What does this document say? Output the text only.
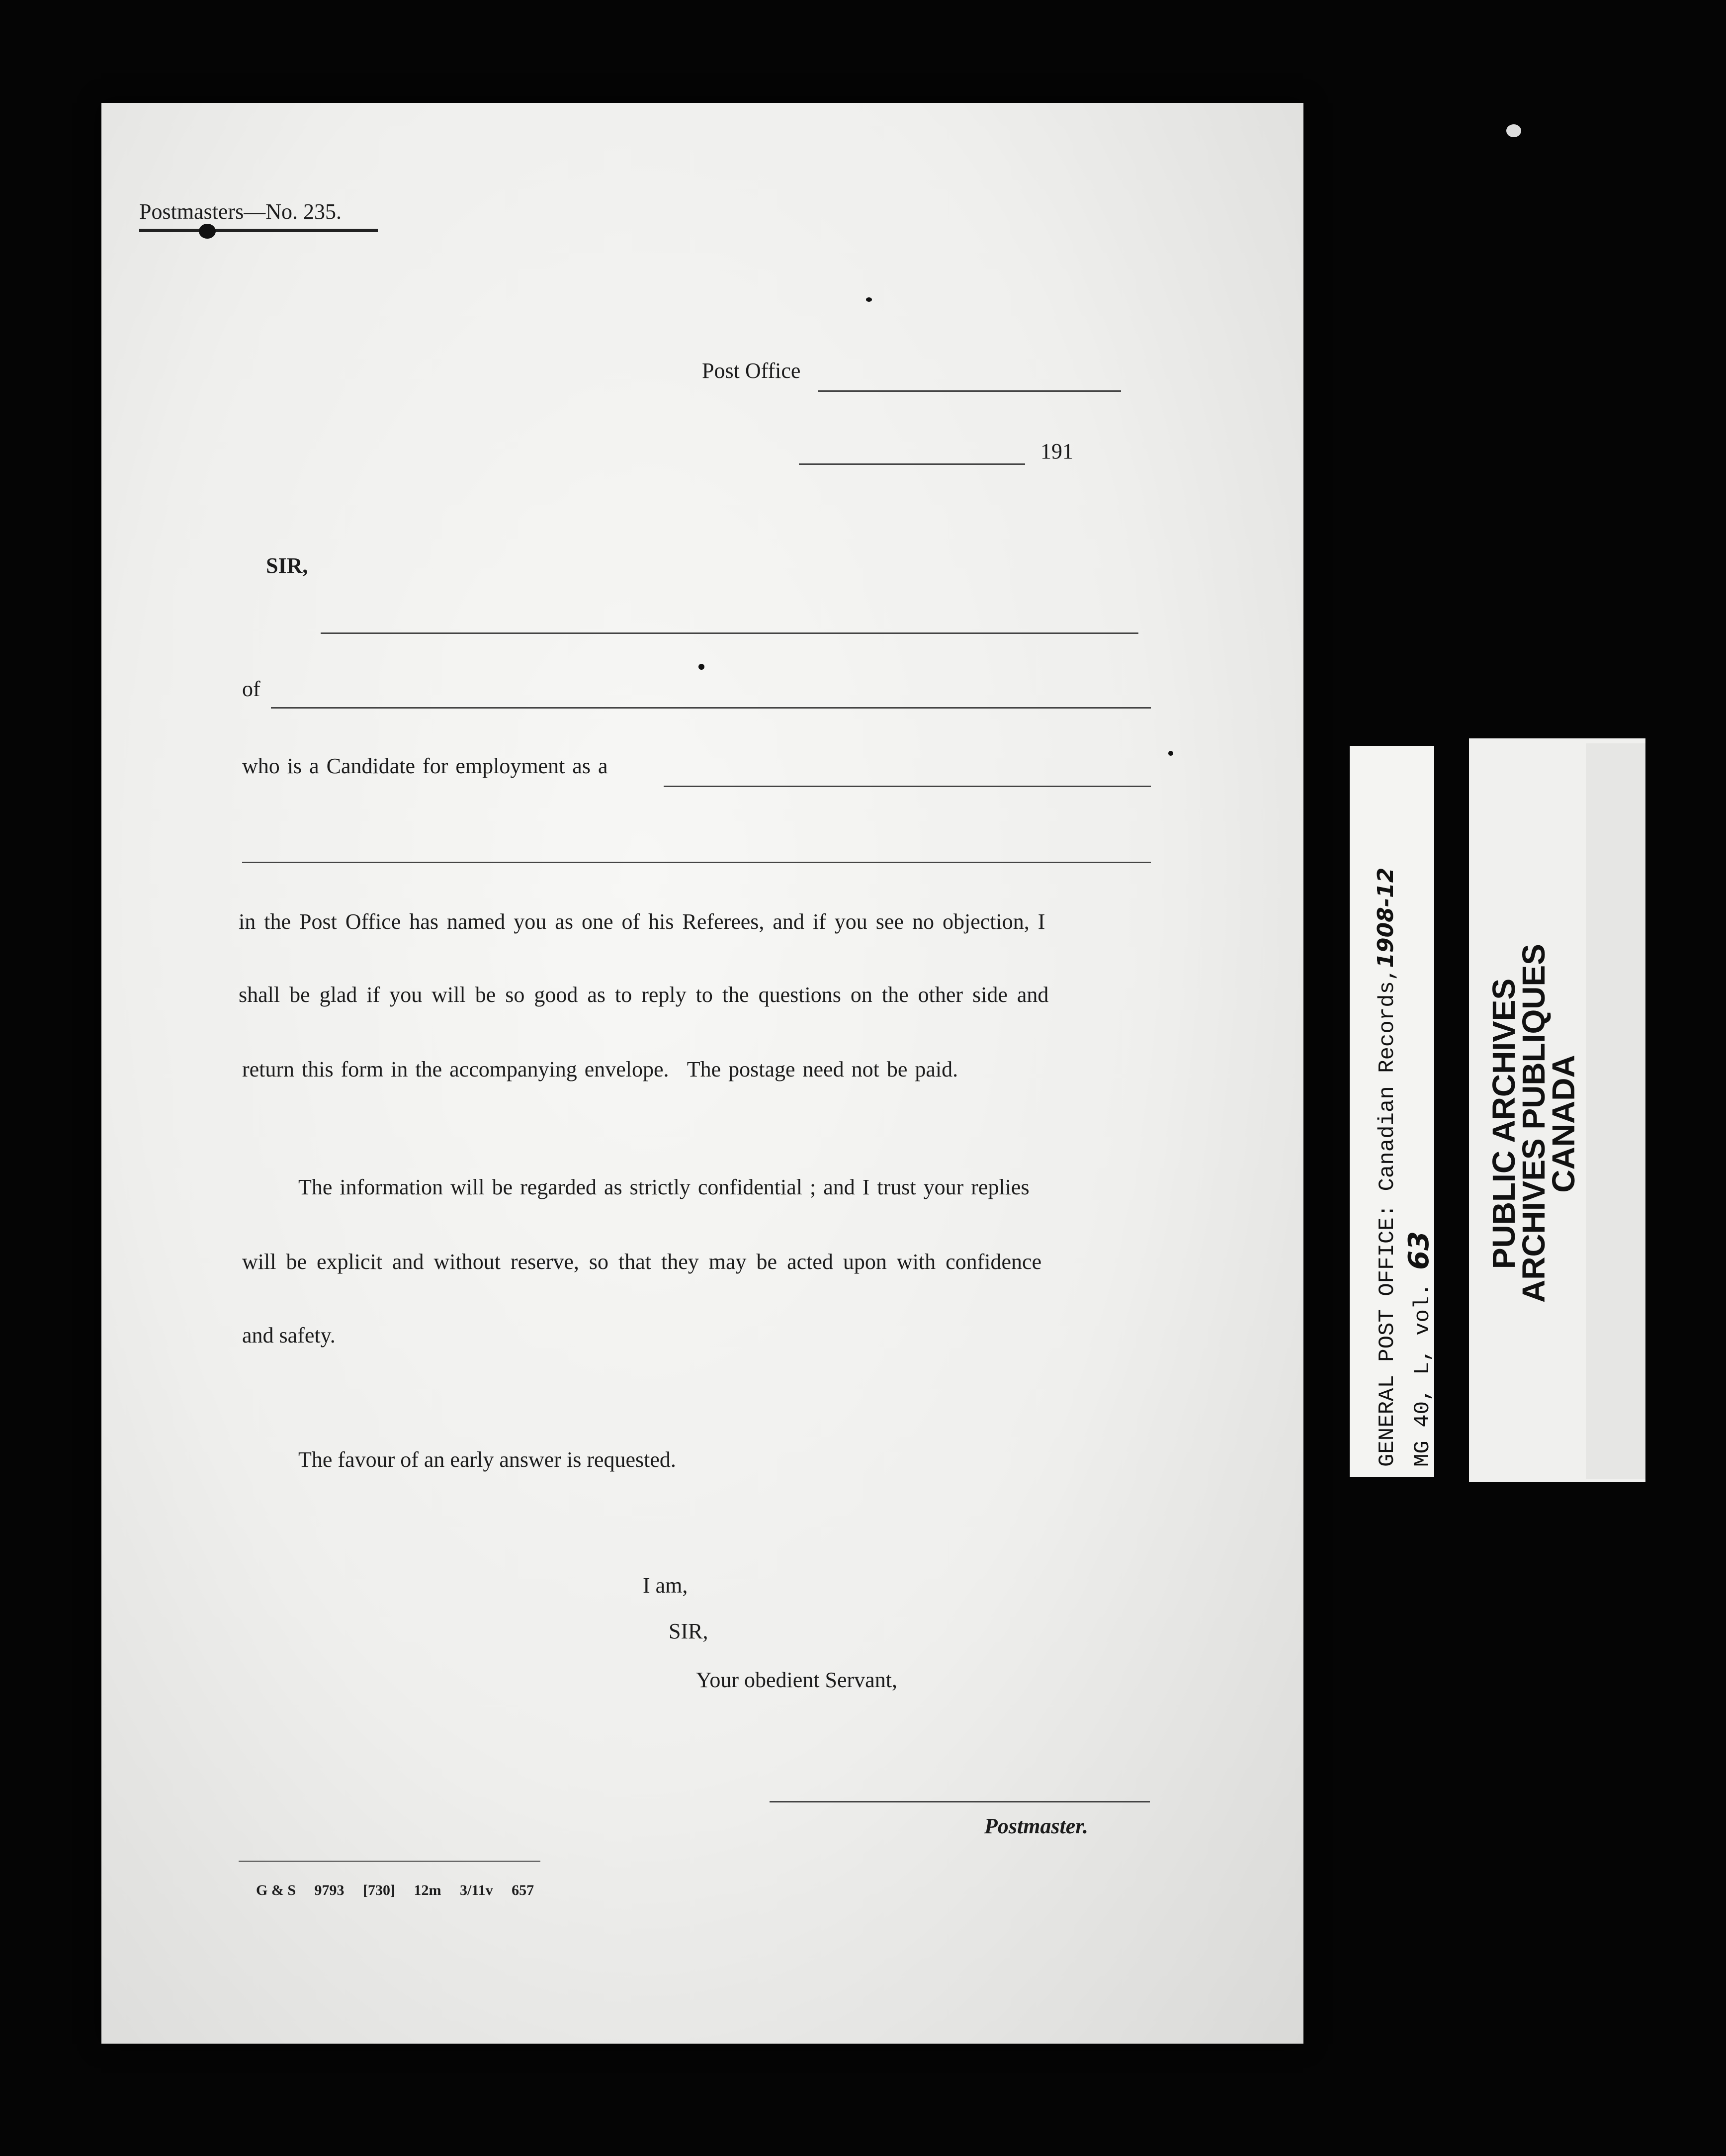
Postmasters—No. 235.
Post Office
191
SIR,
of
who is a Candidate for employment as a
in the Post Office has named you as one of his Referees, and if you see no objection, I
shall be glad if you will be so good as to reply to the questions on the other side and
return this form in the accompanying envelope.  The postage need not be paid.
The information will be regarded as strictly confidential ; and I trust your replies
will be explicit and without reserve, so that they may be acted upon with confidence
and safety.
The favour of an early answer is requested.
I am,
SIR,
Your obedient Servant,
Postmaster.
G & S  9793  [730]  12m  3/11v  657
GENERAL POST OFFICE: Canadian Records,1908-12
MG 40, L, vol. 63 PUBLIC ARCHIVES
ARCHIVES PUBLIQUES
CANADA
